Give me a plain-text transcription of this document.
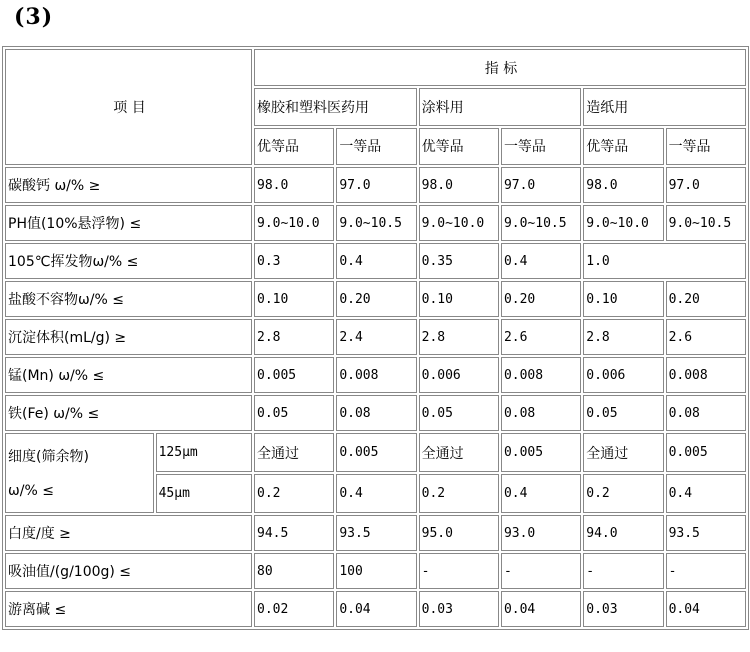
(3)
项 目		指 标					
		橡胶和塑料医药用		涂料用		造纸用	
		优等品	一等品	优等品	一等品	优等品	一等品
碳酸钙 ω/% ≥		98.0	97.0	98.0	97.0	98.0	97.0
PH值(10%悬浮物) ≤		9.0~10.0	9.0~10.5	9.0~10.0	9.0~10.5	9.0~10.0	9.0~10.5
105℃挥发物ω/% ≤		0.3	0.4	0.35	0.4	1.0	
盐酸不容物ω/% ≤		0.10	0.20	0.10	0.20	0.10	0.20
沉淀体积(mL/g) ≥		2.8	2.4	2.8	2.6	2.8	2.6
锰(Mn) ω/% ≤		0.005	0.008	0.006	0.008	0.006	0.008
铁(Fe) ω/% ≤		0.05	0.08	0.05	0.08	0.05	0.08
细度(筛余物)
ω/% ≤	125μm	全通过	0.005	全通过	0.005	全通过	0.005
	45μm	0.2	0.4	0.2	0.4	0.2	0.4
白度/度 ≥		94.5	93.5	95.0	93.0	94.0	93.5
吸油值/(g/100g) ≤		80	100	-	-	-	-
游离碱 ≤		0.02	0.04	0.03	0.04	0.03	0.04
